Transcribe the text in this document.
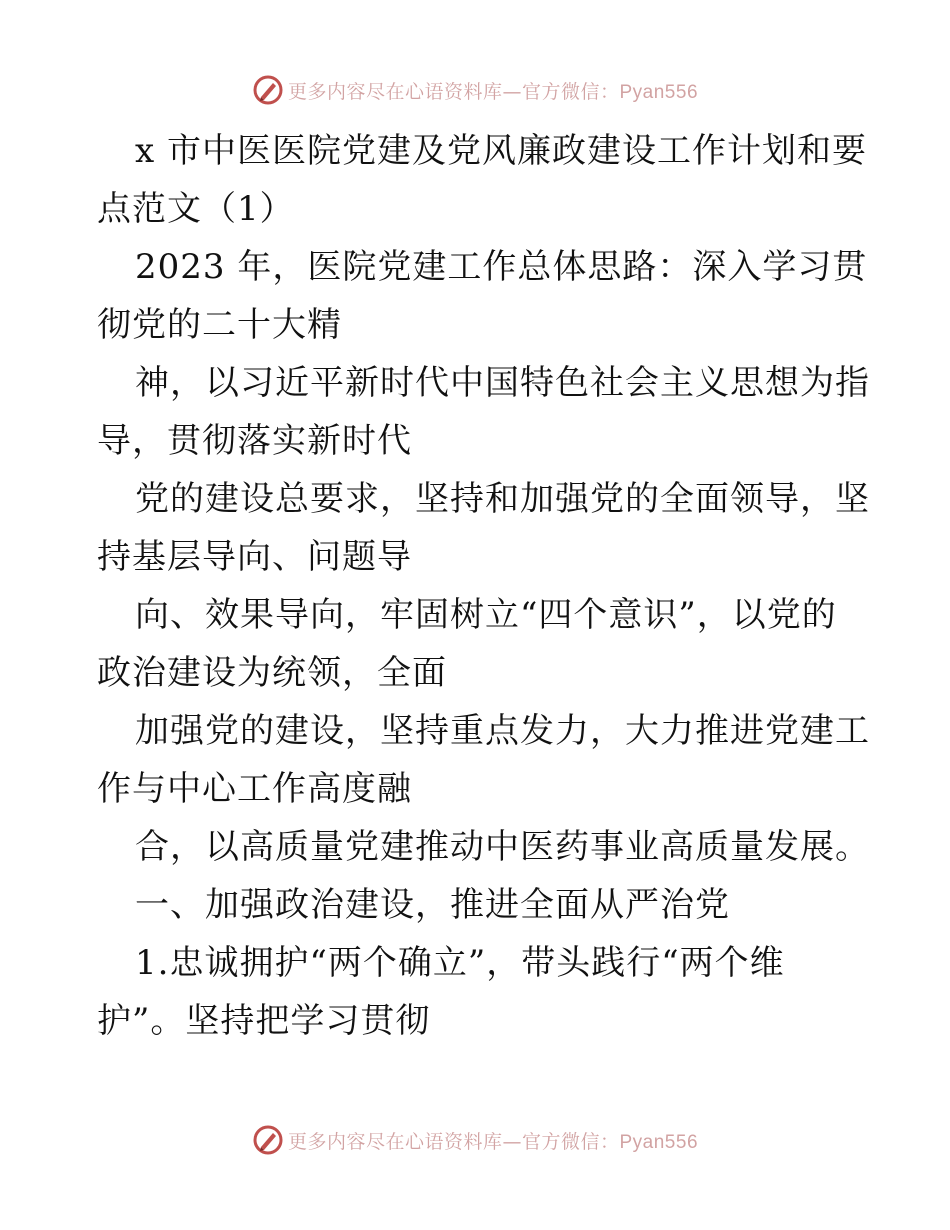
更多内容尽在心语资料库—官方微信：Pyan556
x 市中医医院党建及党风廉政建设工作计划和要
点范文（1）
2023 年，医院党建工作总体思路：深入学习贯
彻党的二十大精
神，以习近平新时代中国特色社会主义思想为指
导，贯彻落实新时代
党的建设总要求，坚持和加强党的全面领导，坚
持基层导向、问题导
向、效果导向，牢固树立“四个意识”，以党的
政治建设为统领，全面
加强党的建设，坚持重点发力，大力推进党建工
作与中心工作高度融
合，以高质量党建推动中医药事业高质量发展。
一、加强政治建设，推进全面从严治党
1.忠诚拥护“两个确立”，带头践行“两个维
护”。坚持把学习贯彻
更多内容尽在心语资料库—官方微信：Pyan556
